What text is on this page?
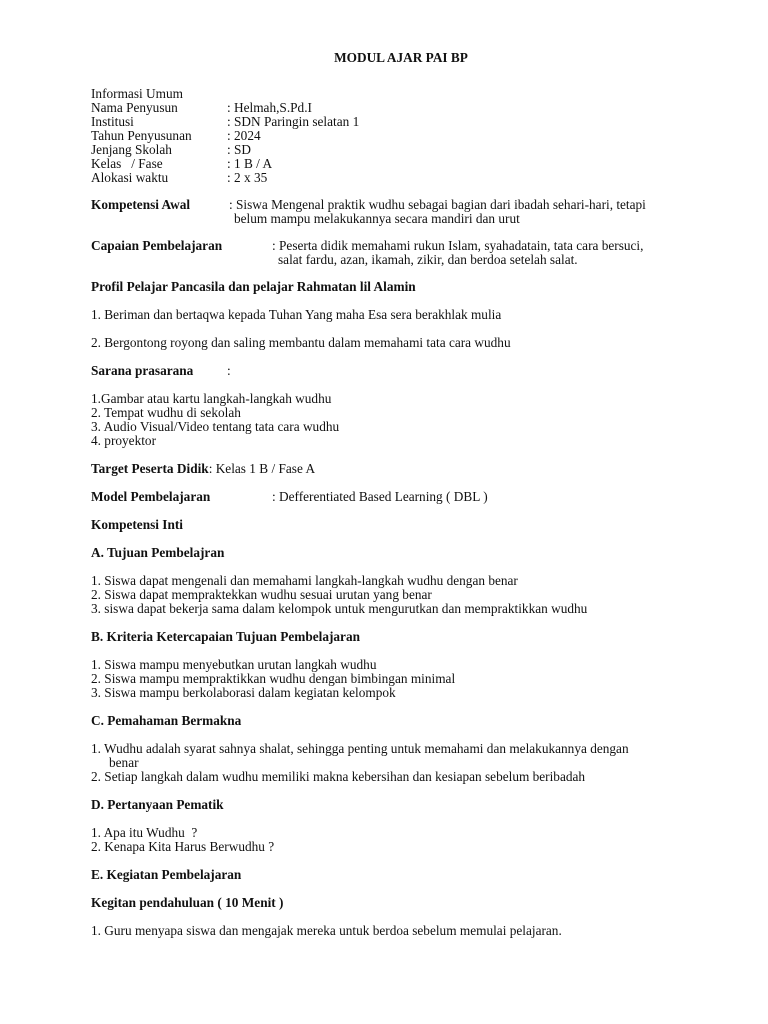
MODUL AJAR PAI BP
Informasi Umum
Nama Penyusun	: Helmah,S.Pd.I
Institusi	: SDN Paringin selatan 1
Tahun Penyusunan	: 2024
Jenjang Skolah	: SD
Kelas   / Fase	: 1 B / A
Alokasi waktu	: 2 x 35
Kompetensi Awal	: Siswa Mengenal praktik wudhu sebagai bagian dari ibadah sehari-hari, tetapi
belum mampu melakukannya secara mandiri dan urut
Capaian Pembelajaran	: Peserta didik memahami rukun Islam, syahadatain, tata cara bersuci,
salat fardu, azan, ikamah, zikir, dan berdoa setelah salat.
Profil Pelajar Pancasila dan pelajar Rahmatan lil Alamin
1. Beriman dan bertaqwa kepada Tuhan Yang maha Esa sera berakhlak mulia
2. Bergontong royong dan saling membantu dalam memahami tata cara wudhu
Sarana prasarana	:
1.Gambar atau kartu langkah-langkah wudhu
2. Tempat wudhu di sekolah
3. Audio Visual/Video tentang tata cara wudhu
4. proyektor
Target Peserta Didik: Kelas 1 B / Fase A
Model Pembelajaran	: Defferentiated Based Learning ( DBL )
Kompetensi Inti
A. Tujuan Pembelajran
1. Siswa dapat mengenali dan memahami langkah-langkah wudhu dengan benar
2. Siswa dapat mempraktekkan wudhu sesuai urutan yang benar
3. siswa dapat bekerja sama dalam kelompok untuk mengurutkan dan mempraktikkan wudhu
B. Kriteria Ketercapaian Tujuan Pembelajaran
1. Siswa mampu menyebutkan urutan langkah wudhu
2. Siswa mampu mempraktikkan wudhu dengan bimbingan minimal
3. Siswa mampu berkolaborasi dalam kegiatan kelompok
C. Pemahaman Bermakna
1. Wudhu adalah syarat sahnya shalat, sehingga penting untuk memahami dan melakukannya dengan
benar
2. Setiap langkah dalam wudhu memiliki makna kebersihan dan kesiapan sebelum beribadah
D. Pertanyaan Pematik
1. Apa itu Wudhu  ?
2. Kenapa Kita Harus Berwudhu ?
E. Kegiatan Pembelajaran
Kegitan pendahuluan ( 10 Menit )
1. Guru menyapa siswa dan mengajak mereka untuk berdoa sebelum memulai pelajaran.
